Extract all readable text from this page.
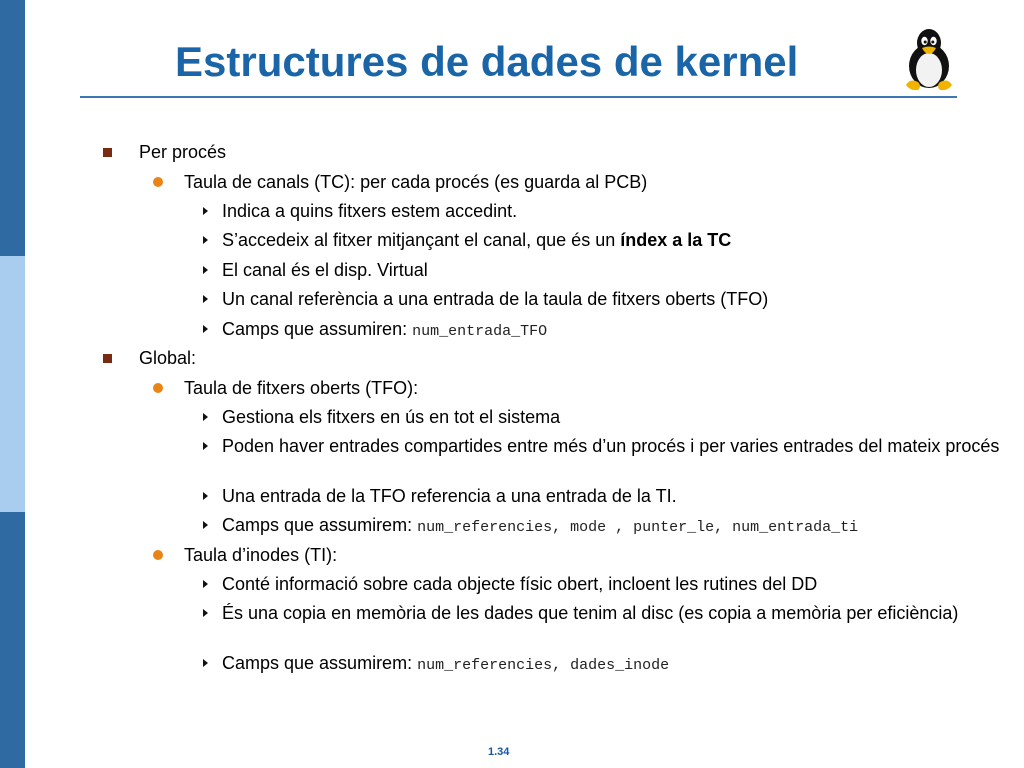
Estructures de dades de kernel
Per procés
Taula de canals (TC): per cada procés (es guarda al PCB)
Indica a quins fitxers estem accedint.
S’accedeix al fitxer mitjançant el canal, que és un índex a la TC
El canal és el disp. Virtual
Un canal referència a una entrada de la taula de fitxers oberts (TFO)
Camps que assumiren: num_entrada_TFO
Global:
Taula de fitxers oberts (TFO):
Gestiona els fitxers en ús en tot el sistema
Poden haver entrades compartides entre més d’un procés i per varies entrades del mateix procés
Una entrada de la TFO referencia a una entrada de la TI.
Camps que assumirem: num_referencies, mode , punter_le, num_entrada_ti
Taula d’inodes (TI):
Conté informació sobre cada objecte físic obert, incloent les rutines del DD
És una copia en memòria de les dades que tenim al disc (es copia a memòria per eficiència)
Camps que assumirem: num_referencies, dades_inode
1.34
